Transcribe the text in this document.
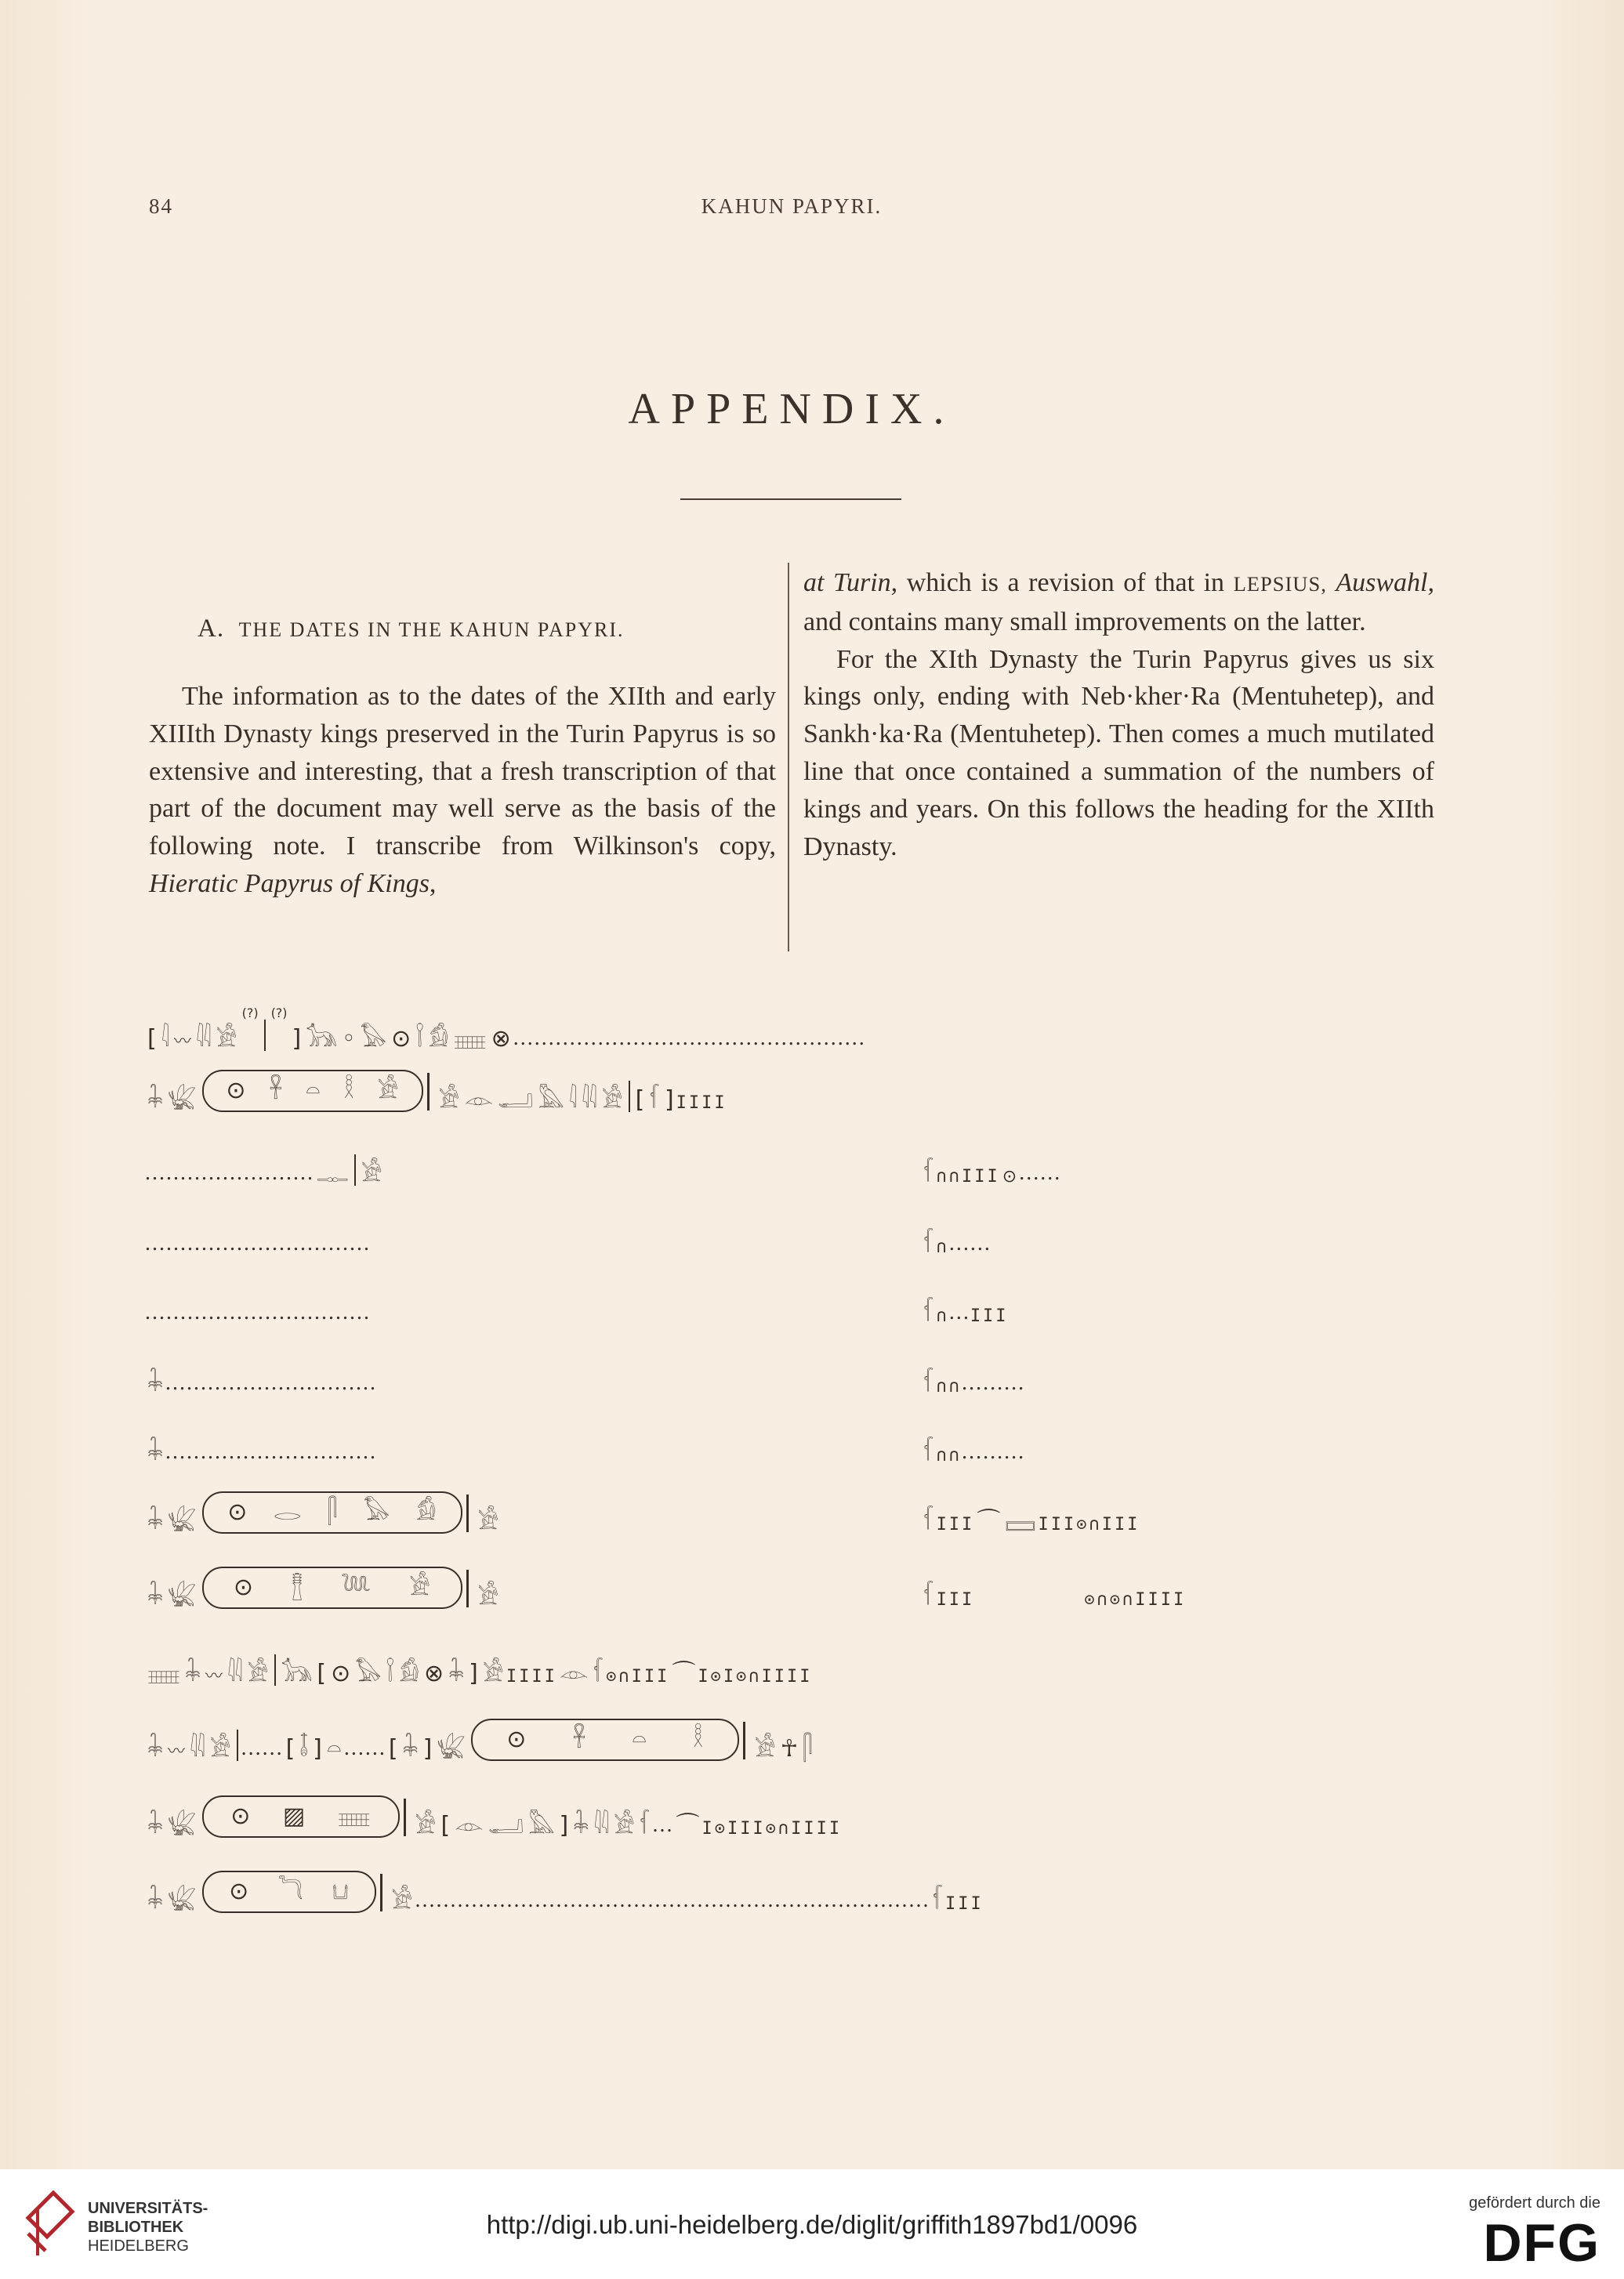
84	KAHUN PAPYRI.
APPENDIX.
A. THE DATES IN THE KAHUN PAPYRI.
The information as to the dates of the XIIth and early XIIIth Dynasty kings preserved in the Turin Papyrus is so extensive and interesting, that a fresh transcription of that part of the document may well serve as the basis of the following note. I transcribe from Wilkinson's copy, Hieratic Papyrus of Kings,

at Turin, which is a revision of that in LEPSIUS, Auswahl, and contains many small improvements on the latter.

For the XIth Dynasty the Turin Papyrus gives us six kings only, ending with Neb·kher·Ra (Mentuhetep), and Sankh·ka·Ra (Mentuhetep). Then comes a much mutilated line that once contained a summation of the numbers of kings and years. On this follows the heading for the XIIth Dynasty.

[ 𓇋 〰 𓇌 𓀀
(?) (?)
] 𓃥 ◦ 𓅃 ⊙ 𓌉 𓀁 𓈈 ⊗ ..................................................
𓇓 𓆤 ⊙ 𓋹 𓏏 𓎛 𓀀 𓀀 𓁹 𓂝 𓅓 𓇋 𓇌 𓀀 [ 𓆳 ] IIII
........................ 𓊃 𓀀	𓆳 ∩∩III ⊙ ......
................................	𓆳 ∩ ......
................................	𓆳 ∩ ... III
𓇓 ..............................	𓆳 ∩∩ .........
𓇓 ..............................	𓆳 ∩∩ .........
𓇓 𓆤 ⊙ 𓂋 𓋴 𓅃 𓀁 𓀀	𓆳 III ⌒ 𓈙 III⊙∩III
𓇓 𓆤 ⊙ 𓊽 𓆙 𓀀 𓀀	𓆳 III	⊙∩⊙∩IIII
𓈈 𓇓 〰 𓇌 𓀀 𓃥 [ ⊙ 𓅃 𓌉 𓀁 ⊗ 𓇓 ] 𓀀 IIII 𓁹 𓆳 ⊙∩III ⌒ I⊙ I⊙∩IIII
𓇓 〰 𓇌 𓀀 ...... [ 𓄤 ] 𓏏 ...... [ 𓇓 ] 𓆤 ⊙ 𓋹 𓏏 𓎛 𓀀 ☥ 𓋴
𓇓 𓆤 ⊙ ▨ 𓈈 𓀀 [ 𓁹 𓂝 𓅓 ] 𓇓 𓇌 𓀀 𓆳 ... ⌒ I⊙III⊙∩IIII
𓇓 𓆤 ⊙ 𓆓 𓂓 𓀀 ......................................................................... 𓆳 III
UNIVERSITÄTS-
BIBLIOTHEK
HEIDELBERG
http://digi.ub.uni-heidelberg.de/diglit/griffith1897bd1/0096
gefördert durch die
DFG
